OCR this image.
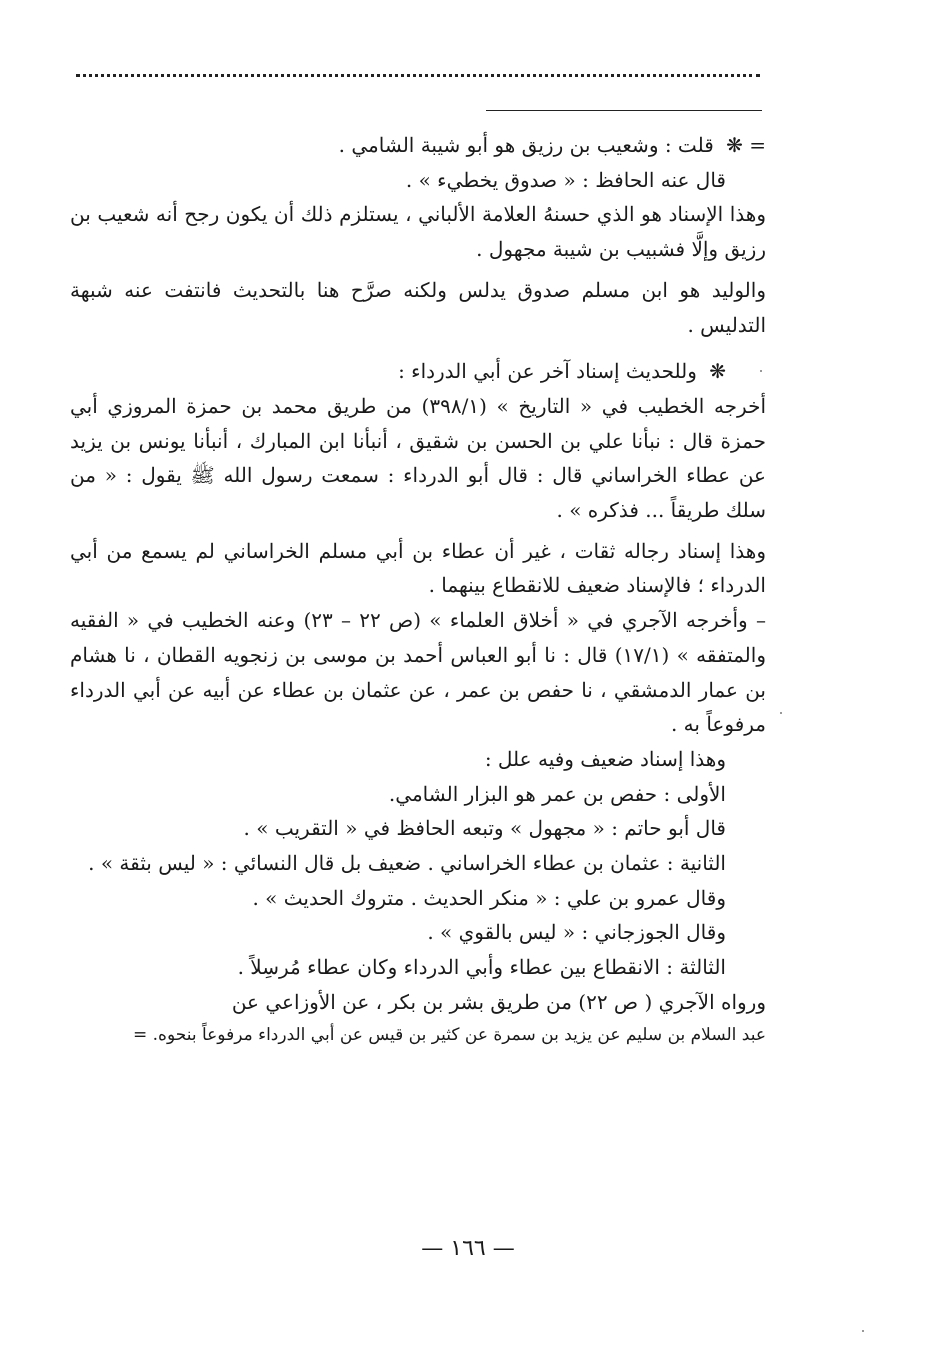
= ❋ قلت : وشعيب بن رزيق هو أبو شيبة الشامي .

قال عنه الحافظ : « صدوق يخطيء » .

وهذا الإسناد هو الذي حسنهُ العلامة الألباني ، يستلزم ذلك أن يكون رجح أنه شعيب بن رزيق وإلَّا فشبيب بن شيبة مجهول .

والوليد هو ابن مسلم صدوق يدلس ولكنه صرَّح هنا بالتحديث فانتفت عنه شبهة التدليس .

❋ وللحديث إسناد آخر عن أبي الدرداء :

أخرجه الخطيب في « التاريخ » (٣٩٨/١) من طريق محمد بن حمزة المروزي أبي حمزة قال : نبأنا علي بن الحسن بن شقيق ، أنبأنا ابن المبارك ، أنبأنا يونس بن يزيد عن عطاء الخراساني قال : قال أبو الدرداء : سمعت رسول الله ﷺ يقول : « من سلك طريقاً ... فذكره » .

وهذا إسناد رجاله ثقات ، غير أن عطاء بن أبي مسلم الخراساني لم يسمع من أبي الدرداء ؛ فالإسناد ضعيف للانقطاع بينهما .

– وأخرجه الآجري في « أخلاق العلماء » (ص ٢٢ – ٢٣) وعنه الخطيب في « الفقيه والمتفقه » (١٧/١) قال : نا أبو العباس أحمد بن موسى بن زنجويه القطان ، نا هشام بن عمار الدمشقي ، نا حفص بن عمر ، عن عثمان بن عطاء عن أبيه عن أبي الدرداء مرفوعاً به .

وهذا إسناد ضعيف وفيه علل :

الأولى : حفص بن عمر هو البزار الشامي.

قال أبو حاتم : « مجهول » وتبعه الحافظ في « التقريب » .

الثانية : عثمان بن عطاء الخراساني . ضعيف بل قال النسائي : « ليس بثقة » .

وقال عمرو بن علي : « منكر الحديث . متروك الحديث » .

وقال الجوزجاني : « ليس بالقوي » .

الثالثة : الانقطاع بين عطاء وأبي الدرداء وكان عطاء مُرسِلاً .

ورواه الآجري ( ص ٢٢) من طريق بشر بن بكر ، عن الأوزاعي عن

عبد السلام بن سليم عن يزيد بن سمرة عن كثير بن قيس عن أبي الدرداء مرفوعاً بنحوه. =

— ١٦٦ —
